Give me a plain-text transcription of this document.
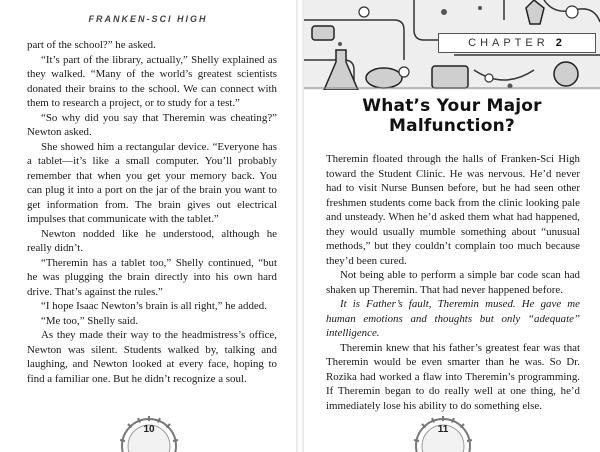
FRANKEN-SCI HIGH

part of the school?” he asked.

“It’s part of the library, actually,” Shelly explained as they walked. “Many of the world’s greatest scientists donated their brains to the school. We can connect with them to research a project, or to study for a test.”

“So why did you say that Theremin was cheating?” Newton asked.

She showed him a rectangular device. “Everyone has a tablet—it’s like a small computer. You’ll probably remember that when you get your memory back. You can plug it into a port on the jar of the brain you want to get information from. The brain gives out electrical impulses that communicate with the tablet.”

Newton nodded like he understood, although he really didn’t.

“Theremin has a tablet too,” Shelly continued, “but he was plugging the brain directly into his own hard drive. That’s against the rules.”

“I hope Isaac Newton’s brain is all right,” he added.

“Me too,” Shelly said.

As they made their way to the headmistress’s office, Newton was silent. Students walked by, talking and laughing, and Newton looked at every face, hoping to find a familiar one. But he didn’t recognize a soul.

10
CHAPTER 2
What’s Your Major
Malfunction?

Theremin floated through the halls of Franken-Sci High toward the Student Clinic. He was nervous. He’d never had to visit Nurse Bunsen before, but he had seen other freshmen students come back from the clinic looking pale and unsteady. When he’d asked them what had happened, they would usually mumble something about “unusual methods,” but they couldn’t complain too much because they’d been cured.

Not being able to perform a simple bar code scan had shaken up Theremin. That had never happened before.

It is Father’s fault, Theremin mused. He gave me human emotions and thoughts but only “adequate” intelligence.

Theremin knew that his father’s greatest fear was that Theremin would be even smarter than he was. So Dr. Rozika had worked a flaw into Theremin’s programming. If Theremin began to do really well at one thing, he’d immediately lose his ability to do something else.

11
